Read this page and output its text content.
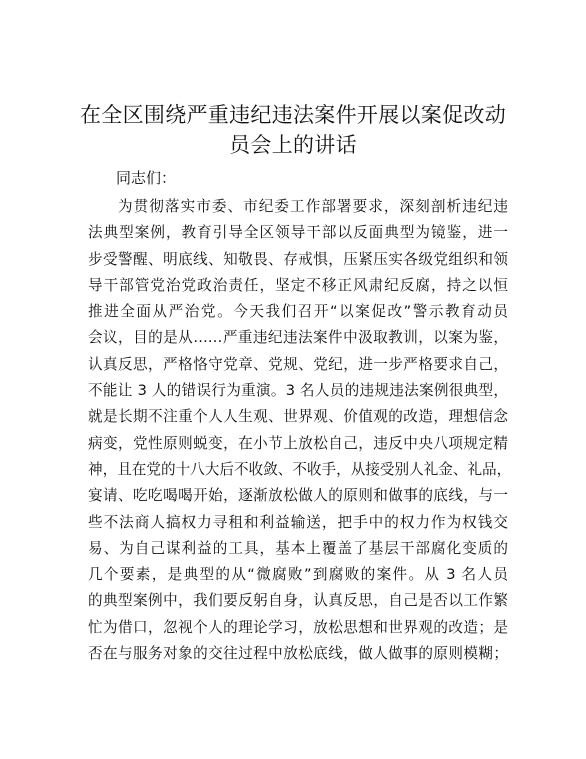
在全区围绕严重违纪违法案件开展以案促改动
员会上的讲话

同志们：

为贯彻落实市委、市纪委工作部署要求，深刻剖析违纪违
法典型案例，教育引导全区领导干部以反面典型为镜鉴，进一
步受警醒、明底线、知敬畏、存戒惧，压紧压实各级党组织和领
导干部管党治党政治责任，坚定不移正风肃纪反腐，持之以恒
推进全面从严治党。今天我们召开“以案促改”警示教育动员
会议，目的是从……严重违纪违法案件中汲取教训，以案为鉴，
认真反思，严格恪守党章、党规、党纪，进一步严格要求自己，
不能让 3 人的错误行为重演。3 名人员的违规违法案例很典型，
就是长期不注重个人人生观、世界观、价值观的改造，理想信念
病变，党性原则蜕变，在小节上放松自己，违反中央八项规定精
神，且在党的十八大后不收敛、不收手，从接受别人礼金、礼品，
宴请、吃吃喝喝开始，逐渐放松做人的原则和做事的底线，与一
些不法商人搞权力寻租和利益输送，把手中的权力作为权钱交
易、为自己谋利益的工具，基本上覆盖了基层干部腐化变质的
几个要素，是典型的从“微腐败”到腐败的案件。从 3 名人员
的典型案例中，我们要反躬自身，认真反思，自己是否以工作繁
忙为借口，忽视个人的理论学习，放松思想和世界观的改造；是
否在与服务对象的交往过程中放松底线，做人做事的原则模糊；
